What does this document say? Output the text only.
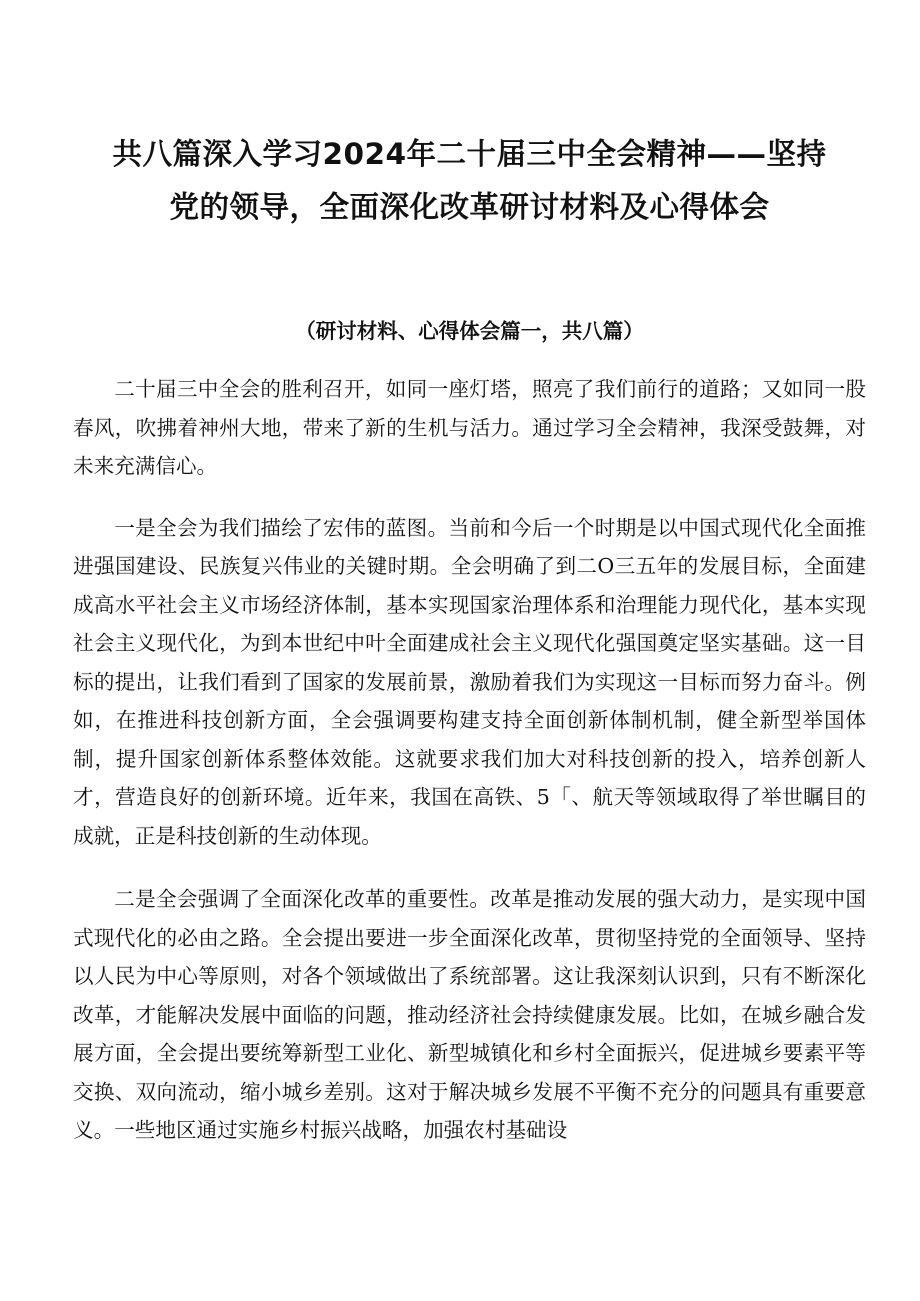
共八篇深入学习2024年二十届三中全会精神——坚持
党的领导，全面深化改革研讨材料及心得体会
（研讨材料、心得体会篇一，共八篇）

二十届三中全会的胜利召开，如同一座灯塔，照亮了我们前行的道路；又如同一股春风，吹拂着神州大地，带来了新的生机与活力。通过学习全会精神，我深受鼓舞，对未来充满信心。

一是全会为我们描绘了宏伟的蓝图。当前和今后一个时期是以中国式现代化全面推进强国建设、民族复兴伟业的关键时期。全会明确了到二O三五年的发展目标，全面建成高水平社会主义市场经济体制，基本实现国家治理体系和治理能力现代化，基本实现社会主义现代化，为到本世纪中叶全面建成社会主义现代化强国奠定坚实基础。这一目标的提出，让我们看到了国家的发展前景，激励着我们为实现这一目标而努力奋斗。例如，在推进科技创新方面，全会强调要构建支持全面创新体制机制，健全新型举国体制，提升国家创新体系整体效能。这就要求我们加大对科技创新的投入，培养创新人才，营造良好的创新环境。近年来，我国在高铁、5「、航天等领域取得了举世瞩目的成就，正是科技创新的生动体现。

二是全会强调了全面深化改革的重要性。改革是推动发展的强大动力，是实现中国式现代化的必由之路。全会提出要进一步全面深化改革，贯彻坚持党的全面领导、坚持以人民为中心等原则，对各个领域做出了系统部署。这让我深刻认识到，只有不断深化改革，才能解决发展中面临的问题，推动经济社会持续健康发展。比如，在城乡融合发展方面，全会提出要统筹新型工业化、新型城镇化和乡村全面振兴，促进城乡要素平等交换、双向流动，缩小城乡差别。这对于解决城乡发展不平衡不充分的问题具有重要意义。一些地区通过实施乡村振兴战略，加强农村基础设
